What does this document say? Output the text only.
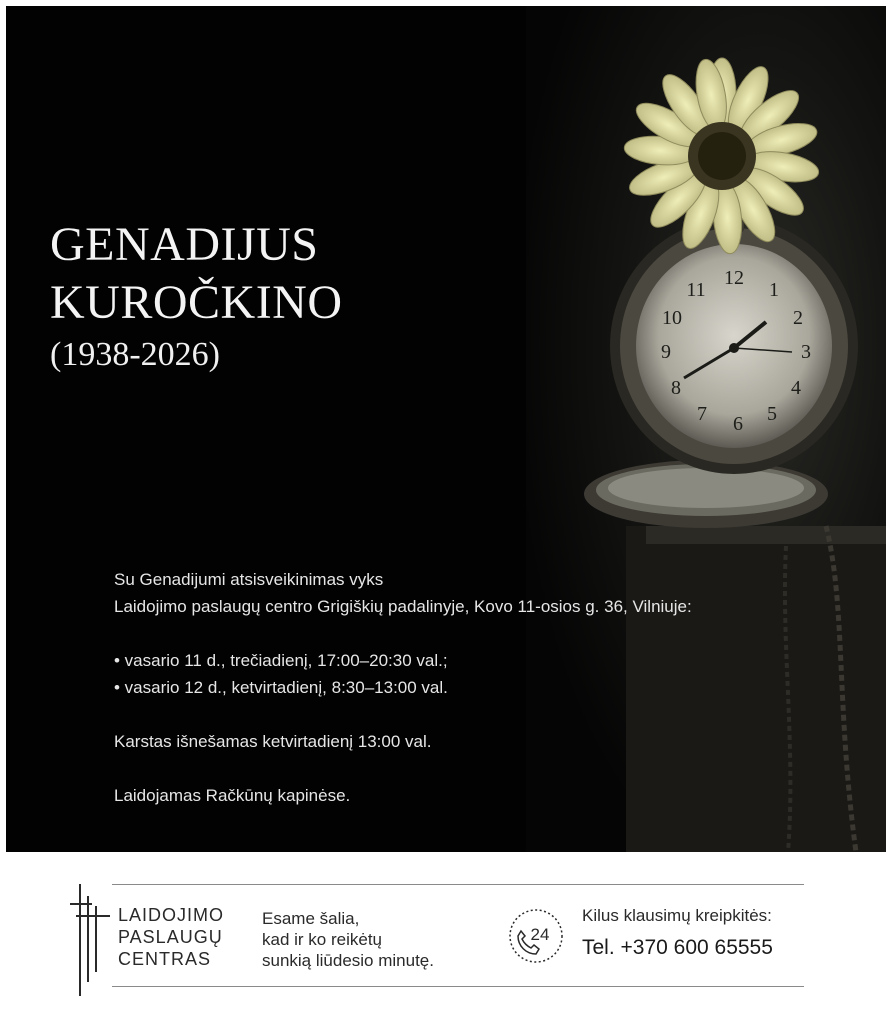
12
1
2
3
4
5
6
7
8
9
10
11
GENADIJUS
KUROČKINO
(1938-2026)

Su Genadijumi atsisveikinimas vyks

Laidojimo paslaugų centro Grigiškių padalinyje, Kovo 11-osios g. 36, Vilniuje:

• vasario 11 d., trečiadienį, 17:00–20:30 val.;

• vasario 12 d., ketvirtadienį, 8:30–13:00 val.

Karstas išnešamas ketvirtadienį 13:00 val.

Laidojamas Račkūnų kapinėse.

LAIDOJIMO
PASLAUGŲ
CENTRAS
Esame šalia,
kad ir ko reikėtų
sunkią liūdesio minutę.
24
Kilus klausimų kreipkitės:
Tel. +370 600 65555
